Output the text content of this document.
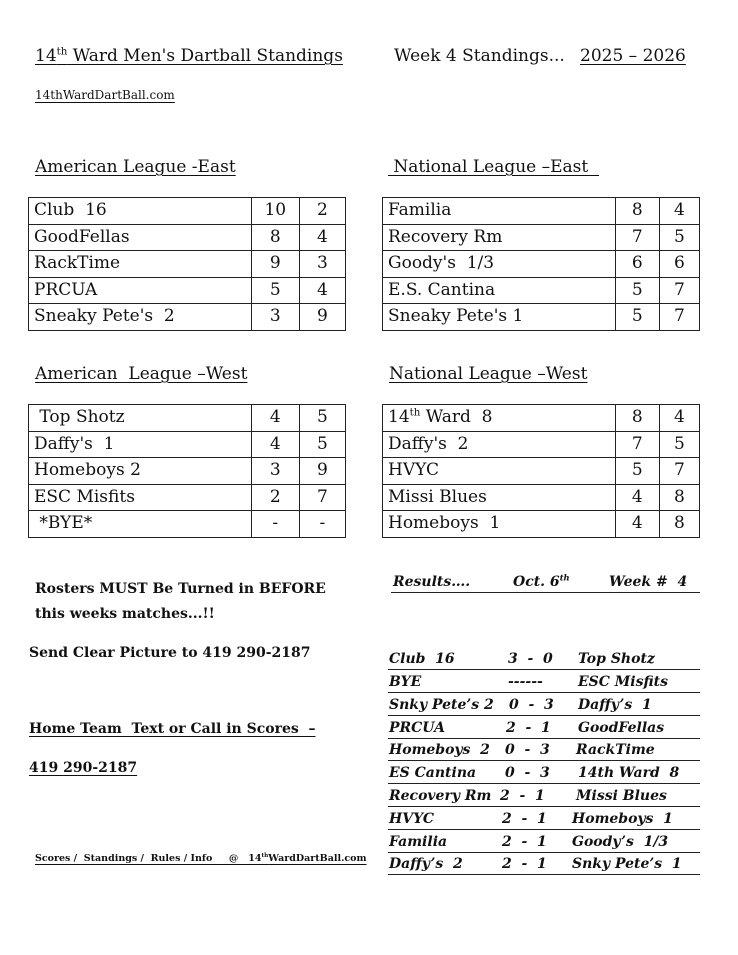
14th Ward Men's Dartball Standings	Week 4 Standings... 2025 – 2026
14thWardDartBall.com
American League -East	National League –East
American  League –West	National League –West
Club  16	10	2
GoodFellas	8	4
RackTime	9	3
PRCUA	5	4
Sneaky Pete's  2	3	9
Familia	8	4
Recovery Rm	7	5
Goody's  1/3	6	6
E.S. Cantina	5	7
Sneaky Pete's 1	5	7
Top Shotz	4	5
Daffy's  1	4	5
Homeboys 2	3	9
ESC Misfits	2	7
*BYE*	-	-
14th Ward  8	8	4
Daffy's  2	7	5
HVYC	5	7
Missi Blues	4	8
Homeboys  1	4	8
Rosters MUST Be Turned in BEFORE
this weeks matches...!!
Send Clear Picture to 419 290-2187
Home Team  Text or Call in Scores  –
419 290-2187
Scores /  Standings /  Rules / Info     @   14thWardDartBall.com
Results….	Oct. 6th	Week #  4
Club  16	3  -  0 Top Shotz
BYE	------	ESC Misfits
Snky Pete’s 2 0  -  3 Daffy’s  1
PRCUA	2  -  1 GoodFellas
Homeboys  2 0  -  3 RackTime
ES Cantina 0  -  3 14th Ward  8
Recovery Rm 2  -  1 Missi Blues
HVYC	2  -  1 Homeboys  1
Familia	2  -  1 Goody’s  1/3
Daffy’s  2	2  -  1 Snky Pete’s  1
